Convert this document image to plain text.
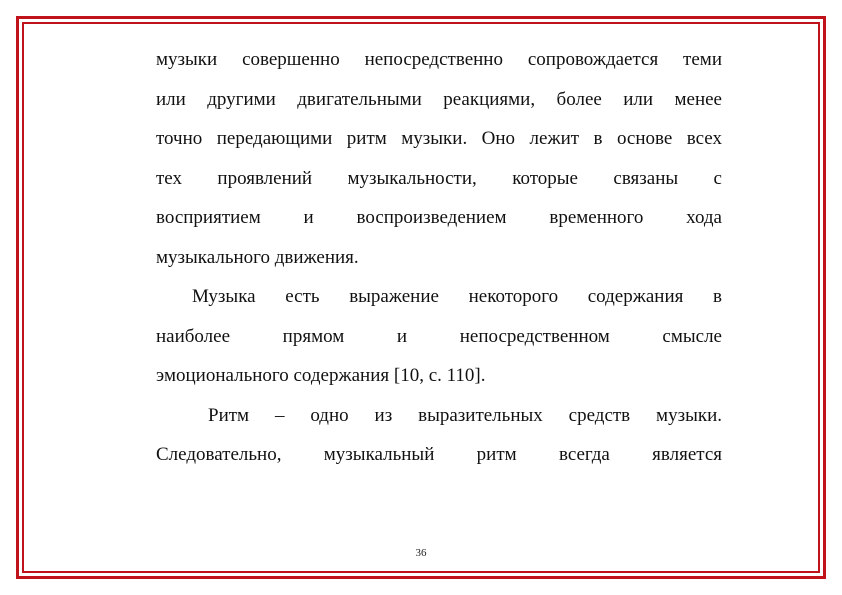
музыки совершенно непосредственно сопровождается теми
или другими двигательными реакциями, более или менее
точно передающими ритм музыки. Оно лежит в основе всех
тех проявлений музыкальности, которые связаны с
восприятием и воспроизведением временного хода
музыкального движения.
Музыка есть выражение некоторого содержания в
наиболее прямом и непосредственном смысле
эмоционального содержания [10, с. 110].
Ритм – одно из выразительных средств музыки.
Следовательно, музыкальный ритм всегда является
36
